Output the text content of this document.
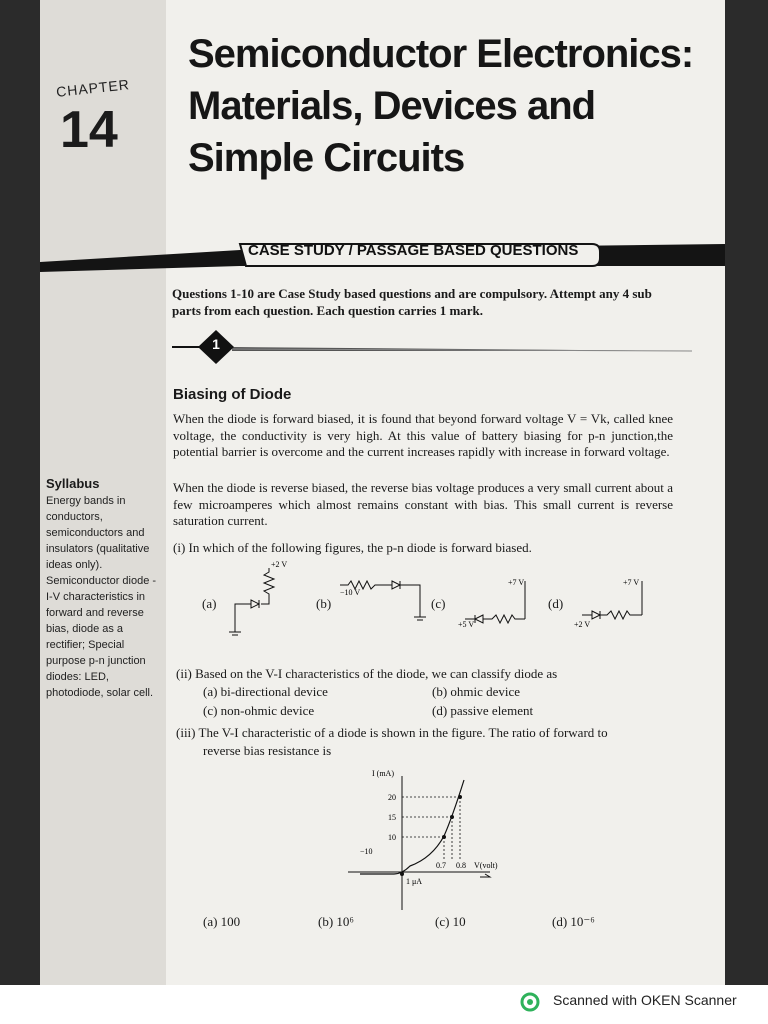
CHAPTER
14
Semiconductor Electronics:
Materials, Devices and
Simple Circuits
CASE STUDY / PASSAGE BASED QUESTIONS
Questions 1-10 are Case Study based questions and are compulsory. Attempt any 4 sub parts from each question. Each question carries 1 mark.
1
Biasing of Diode
When the diode is forward biased, it is found that beyond forward voltage V = Vk, called knee voltage, the conductivity is very high. At this value of battery biasing for p-n junction,the potential barrier is overcome and the current increases rapidly with increase in forward voltage.
When the diode is reverse biased, the reverse bias voltage produces a very small current about a few microamperes which almost remains constant with bias. This small current is reverse saturation current.
Syllabus
Energy bands in conductors, semiconductors and insulators (qualitative ideas only). Semiconductor diode - I-V characteristics in forward and reverse bias, diode as a rectifier; Special purpose p-n junction diodes: LED, photodiode, solar cell.
(i) In which of the following figures, the p-n diode is forward biased.
(a)	(b)	(c)	(d)
+2 V
−10 V
+7 V
+5 V
+7 V
+2 V
(ii) Based on the V-I characteristics of the diode, we can classify diode as
(a) bi-directional device	(b) ohmic device
(c) non-ohmic device	(d) passive element
(iii) The V-I characteristic of a diode is shown in the figure. The ratio of forward to
reverse bias resistance is
I (mA)
20
15
10
−10
0.7 0.8 V(volt)
1 μA
(a) 100	(b) 10⁶	(c) 10	(d) 10⁻⁶
Scanned with OKEN Scanner
